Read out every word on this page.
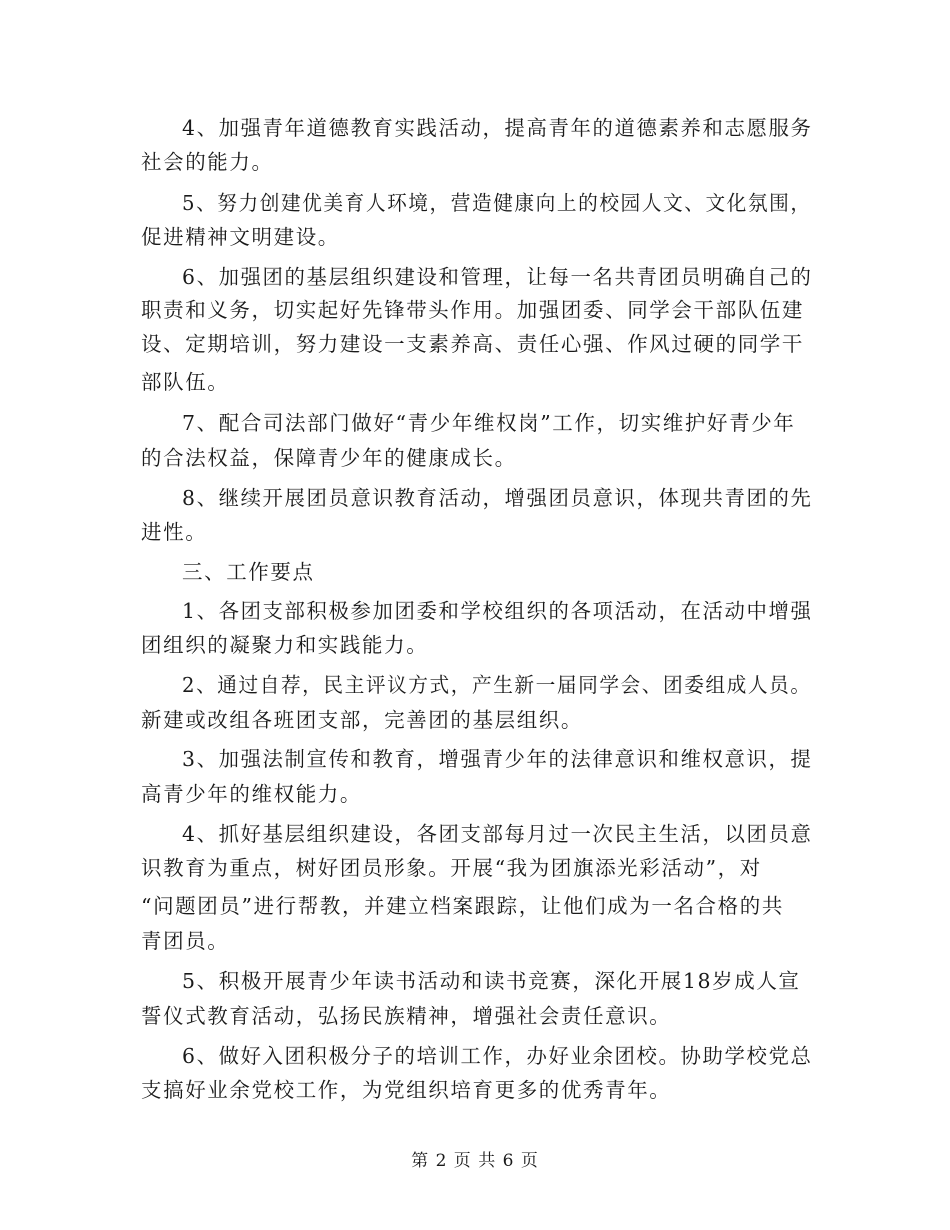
4、加强青年道德教育实践活动，提高青年的道德素养和志愿服务
社会的能力。
5、努力创建优美育人环境，营造健康向上的校园人文、文化氛围，
促进精神文明建设。
6、加强团的基层组织建设和管理，让每一名共青团员明确自己的
职责和义务，切实起好先锋带头作用。加强团委、同学会干部队伍建
设、定期培训，努力建设一支素养高、责任心强、作风过硬的同学干
部队伍。
7、配合司法部门做好“青少年维权岗”工作，切实维护好青少年
的合法权益，保障青少年的健康成长。
8、继续开展团员意识教育活动，增强团员意识，体现共青团的先
进性。
三、工作要点
1、各团支部积极参加团委和学校组织的各项活动，在活动中增强
团组织的凝聚力和实践能力。
2、通过自荐，民主评议方式，产生新一届同学会、团委组成人员。
新建或改组各班团支部，完善团的基层组织。
3、加强法制宣传和教育，增强青少年的法律意识和维权意识，提
高青少年的维权能力。
4、抓好基层组织建设，各团支部每月过一次民主生活，以团员意
识教育为重点，树好团员形象。开展“我为团旗添光彩活动”，对
“问题团员”进行帮教，并建立档案跟踪，让他们成为一名合格的共
青团员。
5、积极开展青少年读书活动和读书竞赛，深化开展18岁成人宣
誓仪式教育活动，弘扬民族精神，增强社会责任意识。
6、做好入团积极分子的培训工作，办好业余团校。协助学校党总
支搞好业余党校工作，为党组织培育更多的优秀青年。
第 2 页 共 6 页
